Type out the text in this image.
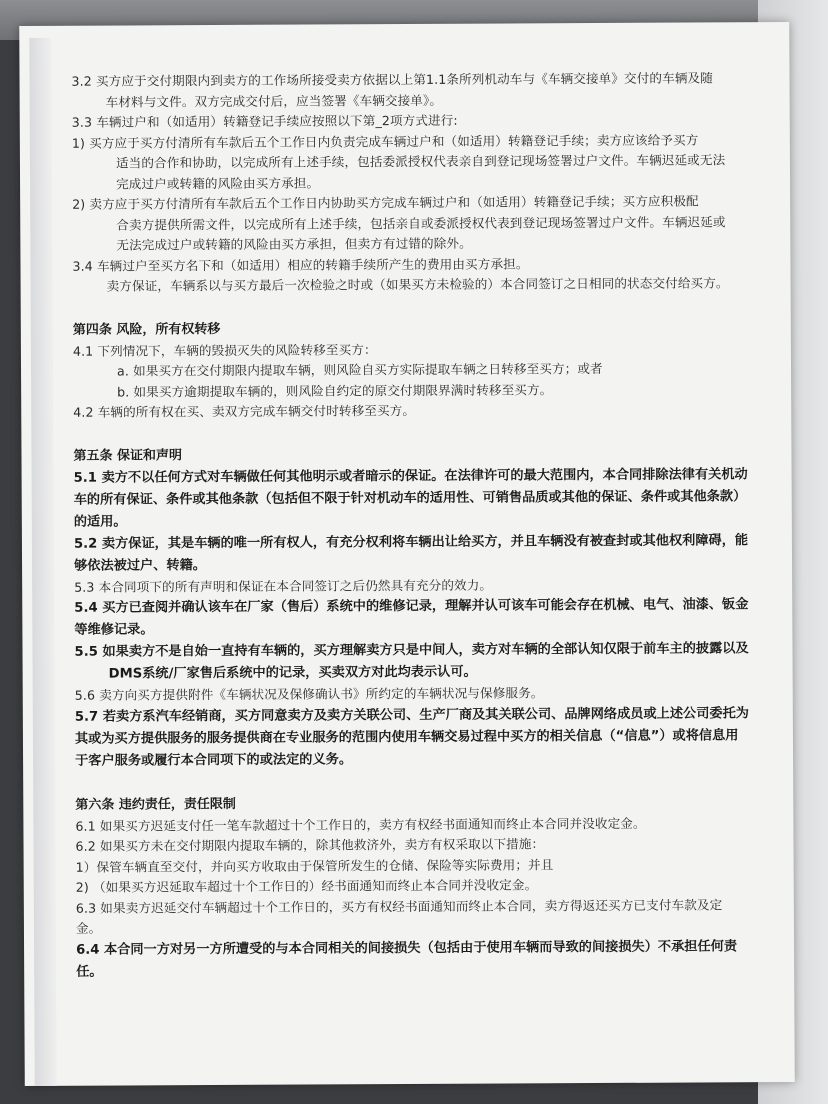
3.2 买方应于交付期限内到卖方的工作场所接受卖方依据以上第1.1条所列机动车与《车辆交接单》交付的车辆及随
车材料与文件。双方完成交付后，应当签署《车辆交接单》。
3.3 车辆过户和（如适用）转籍登记手续应按照以下第_2项方式进行:
1) 买方应于买方付清所有车款后五个工作日内负责完成车辆过户和（如适用）转籍登记手续；卖方应该给予买方
适当的合作和协助，以完成所有上述手续，包括委派授权代表亲自到登记现场签署过户文件。车辆迟延或无法
完成过户或转籍的风险由买方承担。
2) 卖方应于买方付清所有车款后五个工作日内协助买方完成车辆过户和（如适用）转籍登记手续；买方应积极配
合卖方提供所需文件，以完成所有上述手续，包括亲自或委派授权代表到登记现场签署过户文件。车辆迟延或
无法完成过户或转籍的风险由买方承担，但卖方有过错的除外。
3.4 车辆过户至买方名下和（如适用）相应的转籍手续所产生的费用由买方承担。
卖方保证，车辆系以与买方最后一次检验之时或（如果买方未检验的）本合同签订之日相同的状态交付给买方。
第四条 风险，所有权转移
4.1 下列情况下，车辆的毁损灭失的风险转移至买方：
a. 如果买方在交付期限内提取车辆，则风险自买方实际提取车辆之日转移至买方；或者
b. 如果买方逾期提取车辆的，则风险自约定的原交付期限界满时转移至买方。
4.2 车辆的所有权在买、卖双方完成车辆交付时转移至买方。
第五条 保证和声明
5.1 卖方不以任何方式对车辆做任何其他明示或者暗示的保证。在法律许可的最大范围内，本合同排除法律有关机动
车的所有保证、条件或其他条款（包括但不限于针对机动车的适用性、可销售品质或其他的保证、条件或其他条款）
的适用。
5.2 卖方保证，其是车辆的唯一所有权人，有充分权利将车辆出让给买方，并且车辆没有被查封或其他权利障碍，能
够依法被过户、转籍。
5.3 本合同项下的所有声明和保证在本合同签订之后仍然具有充分的效力。
5.4 买方已查阅并确认该车在厂家（售后）系统中的维修记录，理解并认可该车可能会存在机械、电气、油漆、钣金
等维修记录。
5.5 如果卖方不是自始一直持有车辆的，买方理解卖方只是中间人，卖方对车辆的全部认知仅限于前车主的披露以及
DMS系统/厂家售后系统中的记录，买卖双方对此均表示认可。
5.6 卖方向买方提供附件《车辆状况及保修确认书》所约定的车辆状况与保修服务。
5.7 若卖方系汽车经销商，买方同意卖方及卖方关联公司、生产厂商及其关联公司、品牌网络成员或上述公司委托为
其或为买方提供服务的服务提供商在专业服务的范围内使用车辆交易过程中买方的相关信息（“信息”）或将信息用
于客户服务或履行本合同项下的或法定的义务。
第六条 违约责任，责任限制
6.1 如果买方迟延支付任一笔车款超过十个工作日的，卖方有权经书面通知而终止本合同并没收定金。
6.2 如果买方未在交付期限内提取车辆的，除其他救济外，卖方有权采取以下措施：
1）保管车辆直至交付，并向买方收取由于保管所发生的仓储、保险等实际费用；并且
2) （如果买方迟延取车超过十个工作日的）经书面通知而终止本合同并没收定金。
6.3 如果卖方迟延交付车辆超过十个工作日的，买方有权经书面通知而终止本合同，卖方得返还买方已支付车款及定
金。
6.4 本合同一方对另一方所遭受的与本合同相关的间接损失（包括由于使用车辆而导致的间接损失）不承担任何责
任。
